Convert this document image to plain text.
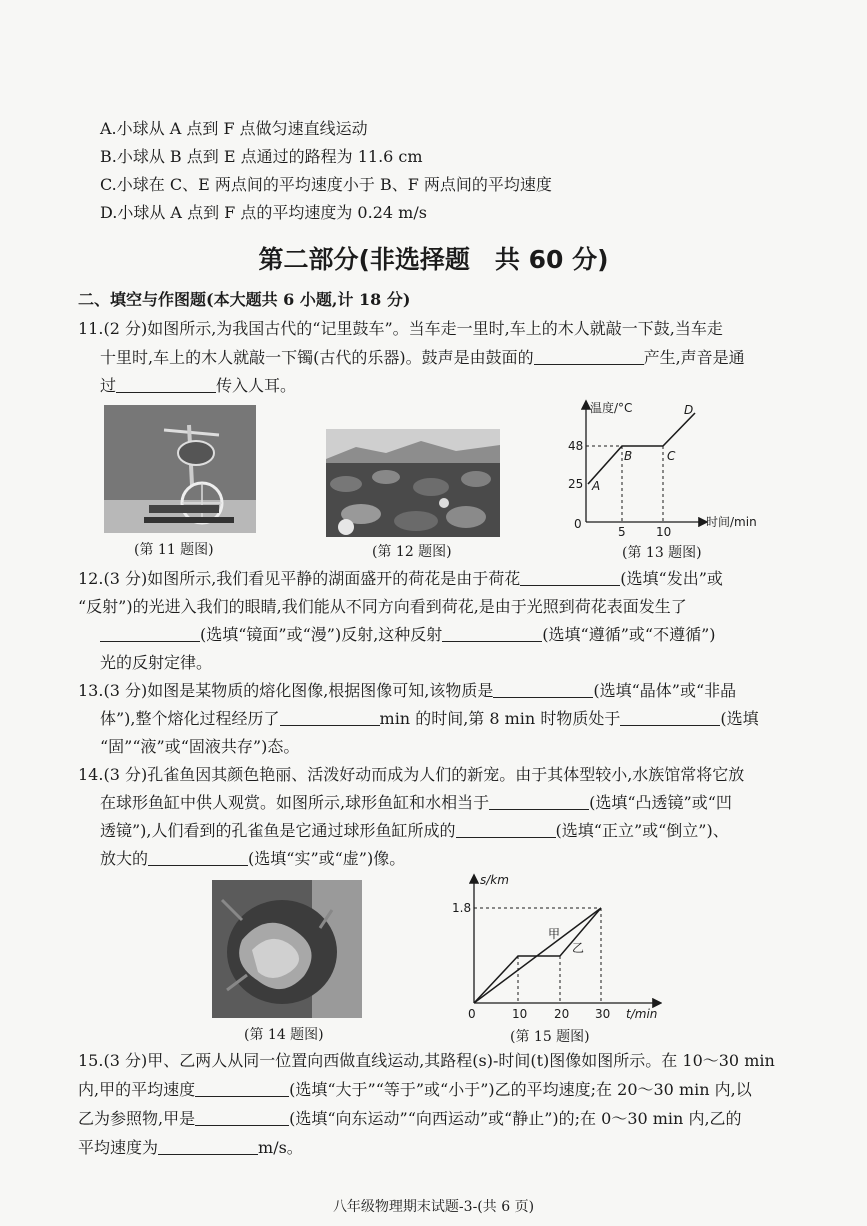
A.小球从 A 点到 F 点做匀速直线运动
B.小球从 B 点到 E 点通过的路程为 11.6 cm
C.小球在 C、E 两点间的平均速度小于 B、F 两点间的平均速度
D.小球从 A 点到 F 点的平均速度为 0.24 m/s
第二部分(非选择题　共 60 分)
二、填空与作图题(本大题共 6 小题,计 18 分)
11.(2 分)如图所示,为我国古代的“记里鼓车”。当车走一里时,车上的木人就敲一下鼓,当车走
十里时,车上的木人就敲一下镯(古代的乐器)。鼓声是由鼓面的	产生,声音是通
过	传入人耳。
(第 11 题图)	(第 12 题图)
温度/°C
时间/min
0
25
48
5	10
A
B	C
D
(第 13 题图)
12.(3 分)如图所示,我们看见平静的湖面盛开的荷花是由于荷花	(选填“发出”或
“反射”)的光进入我们的眼睛,我们能从不同方向看到荷花,是由于光照到荷花表面发生了
(选填“镜面”或“漫”)反射,这种反射	(选填“遵循”或“不遵循”)
光的反射定律。
13.(3 分)如图是某物质的熔化图像,根据图像可知,该物质是	(选填“晶体”或“非晶
体”),整个熔化过程经历了	min 的时间,第 8 min 时物质处于	(选填
“固”“液”或“固液共存”)态。
14.(3 分)孔雀鱼因其颜色艳丽、活泼好动而成为人们的新宠。由于其体型较小,水族馆常将它放
在球形鱼缸中供人观赏。如图所示,球形鱼缸和水相当于	(选填“凸透镜”或“凹
透镜”),人们看到的孔雀鱼是它通过球形鱼缸所成的	(选填“正立”或“倒立”)、
放大的	(选填“实”或“虚”)像。
(第 14 题图)
s/km
t/min
0
1.8
10 20 30
甲
乙
(第 15 题图)
15.(3 分)甲、乙两人从同一位置向西做直线运动,其路程(s)-时间(t)图像如图所示。在 10～30 min
内,甲的平均速度	(选填“大于”“等于”或“小于”)乙的平均速度;在 20～30 min 内,以
乙为参照物,甲是	(选填“向东运动”“向西运动”或“静止”)的;在 0～30 min 内,乙的
平均速度为	m/s。
八年级物理期末试题-3-(共 6 页)
